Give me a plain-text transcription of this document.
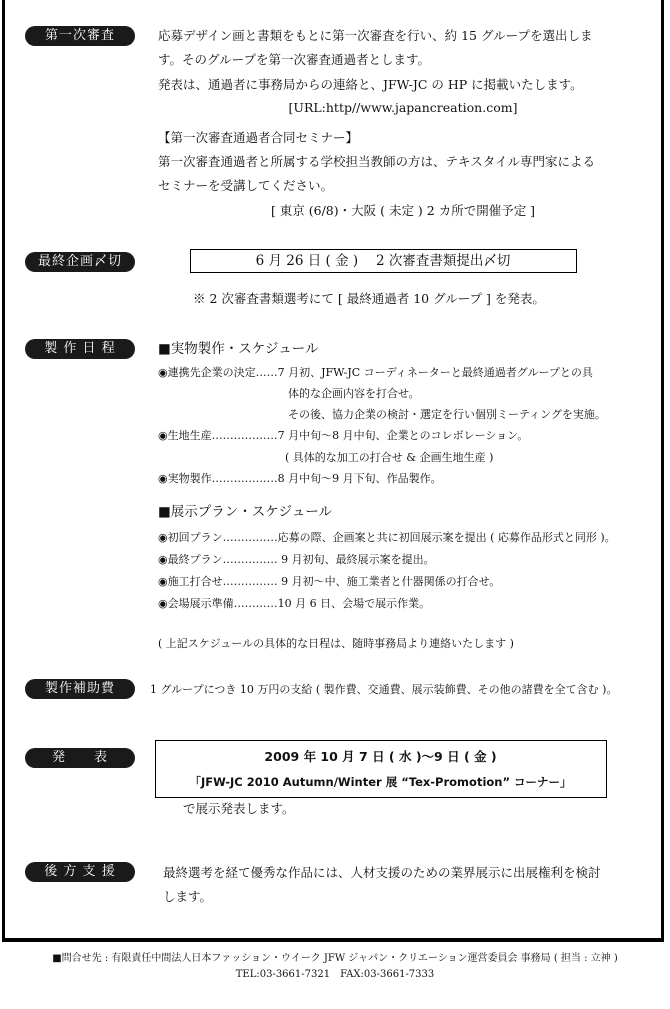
第一次審査	応募デザイン画と書類をもとに第一次審査を行い、約 15 グループを選出しま
す。そのグループを第一次審査通過者とします。
発表は、通過者に事務局からの連絡と、JFW-JC の HP に掲載いたします。
[URL:http//www.japancreation.com]
【第一次審査通過者合同セミナー】
第一次審査通過者と所属する学校担当教師の方は、テキスタイル専門家による
セミナーを受講してください。
[ 東京 (6/8)・大阪 ( 未定 ) 2 カ所で開催予定 ]
最終企画〆切	6 月 26 日 ( 金 )　 2 次審査書類提出〆切
※ 2 次審査書類選考にて [ 最終通過者 10 グループ ] を発表。
製 作 日 程	■実物製作・スケジュール
◉連携先企業の決定……7 月初、JFW-JC コーディネーターと最終通過者グループとの具
体的な企画内容を打合せ。
その後、協力企業の検討・選定を行い個別ミーティングを実施。
◉生地生産………………7 月中旬～8 月中旬、企業とのコレボレーション。
( 具体的な加工の打合せ & 企画生地生産 )
◉実物製作………………8 月中旬～9 月下旬、作品製作。
■展示プラン・スケジュール
◉初回プラン……………応募の際、企画案と共に初回展示案を提出 ( 応募作品形式と同形 )。
◉最終プラン…………… 9 月初旬、最終展示案を提出。
◉施工打合せ…………… 9 月初～中、施工業者と什器関係の打合せ。
◉会場展示準備…………10 月 6 日、会場で展示作業。
( 上記スケジュールの具体的な日程は、随時事務局より連絡いたします )
製作補助費	1 グループにつき 10 万円の支給 ( 製作費、交通費、展示装飾費、その他の諸費を全て含む )。
発　　表	2009 年 10 月 7 日 ( 水 )～9 日 ( 金 )
「JFW-JC 2010 Autumn/Winter 展 “Tex-Promotion” コーナー」
で展示発表します。
後 方 支 援	最終選考を経て優秀な作品には、人材支援のための業界展示に出展権利を検討
します。
■問合せ先 : 有限責任中間法人日本ファッション・ウイーク JFW ジャパン・クリエーション運営委員会 事務局 ( 担当 : 立神 )
TEL:03-3661-7321　FAX:03-3661-7333
